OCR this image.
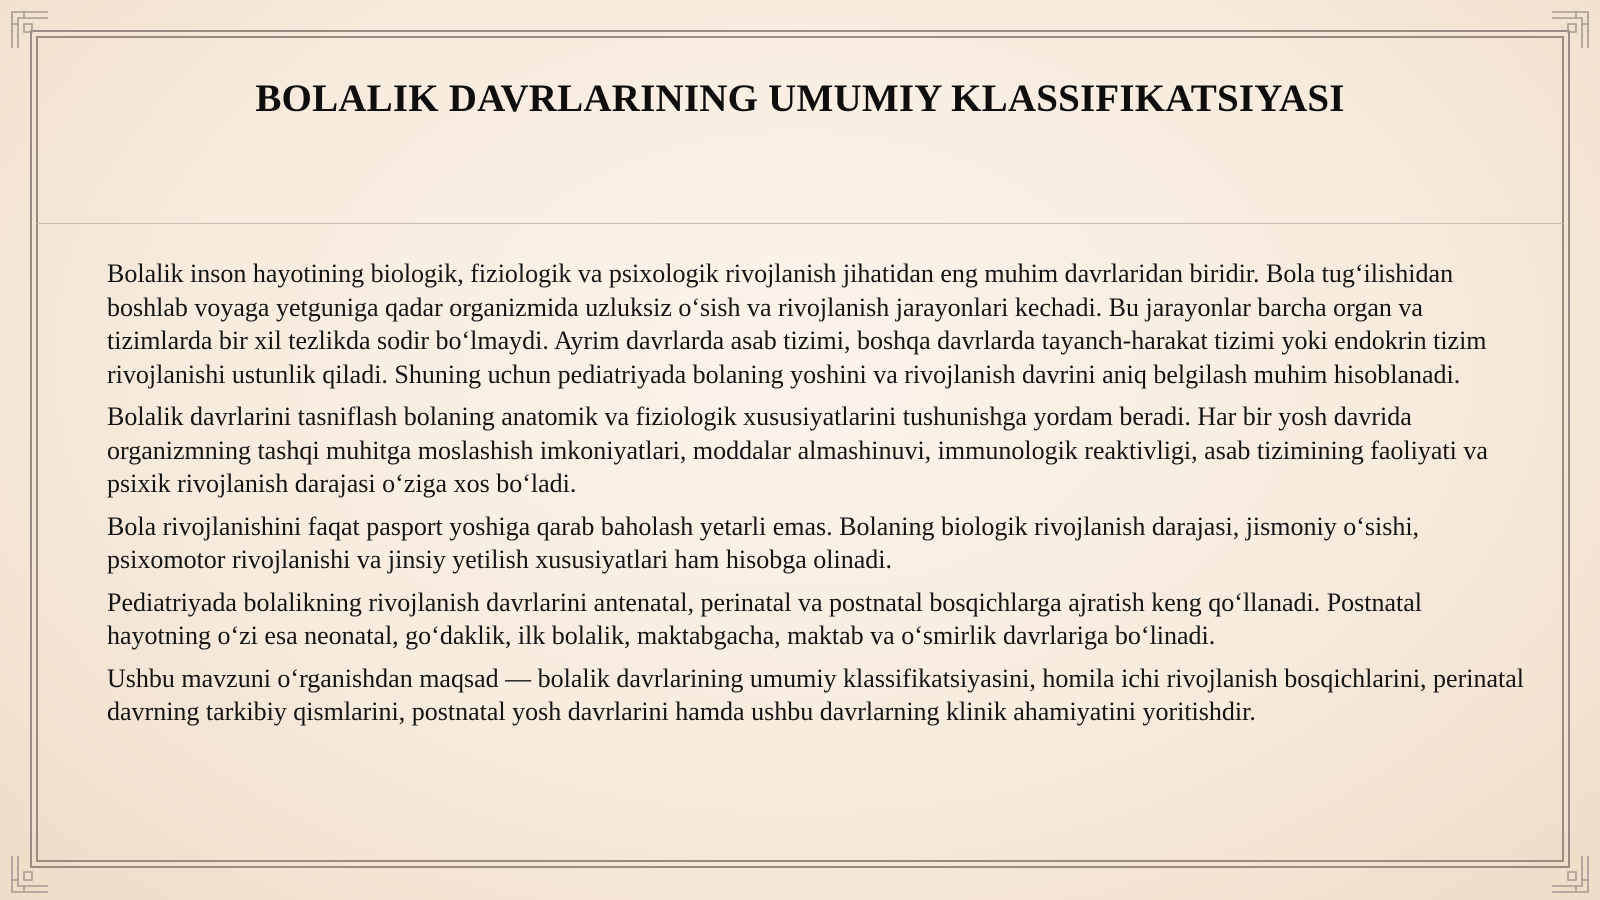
BOLALIK DAVRLARINING UMUMIY KLASSIFIKATSIYASI

Bolalik inson hayotining biologik, fiziologik va psixologik rivojlanish jihatidan eng muhim davrlaridan biridir. Bola tug‘ilishidan boshlab voyaga yetguniga qadar organizmida uzluksiz o‘sish va rivojlanish jarayonlari kechadi. Bu jarayonlar barcha organ va tizimlarda bir xil tezlikda sodir bo‘lmaydi. Ayrim davrlarda asab tizimi, boshqa davrlarda tayanch-harakat tizimi yoki endokrin tizim rivojlanishi ustunlik qiladi. Shuning uchun pediatriyada bolaning yoshini va rivojlanish davrini aniq belgilash muhim hisoblanadi.

Bolalik davrlarini tasniflash bolaning anatomik va fiziologik xususiyatlarini tushunishga yordam beradi. Har bir yosh davrida organizmning tashqi muhitga moslashish imkoniyatlari, moddalar almashinuvi, immunologik reaktivligi, asab tizimining faoliyati va psixik rivojlanish darajasi o‘ziga xos bo‘ladi.

Bola rivojlanishini faqat pasport yoshiga qarab baholash yetarli emas. Bolaning biologik rivojlanish darajasi, jismoniy o‘sishi, psixomotor rivojlanishi va jinsiy yetilish xususiyatlari ham hisobga olinadi.

Pediatriyada bolalikning rivojlanish davrlarini antenatal, perinatal va postnatal bosqichlarga ajratish keng qo‘llanadi. Postnatal hayotning o‘zi esa neonatal, go‘daklik, ilk bolalik, maktabgacha, maktab va o‘smirlik davrlariga bo‘linadi.

Ushbu mavzuni o‘rganishdan maqsad — bolalik davrlarining umumiy klassifikatsiyasini, homila ichi rivojlanish bosqichlarini, perinatal davrning tarkibiy qismlarini, postnatal yosh davrlarini hamda ushbu davrlarning klinik ahamiyatini yoritishdir.
